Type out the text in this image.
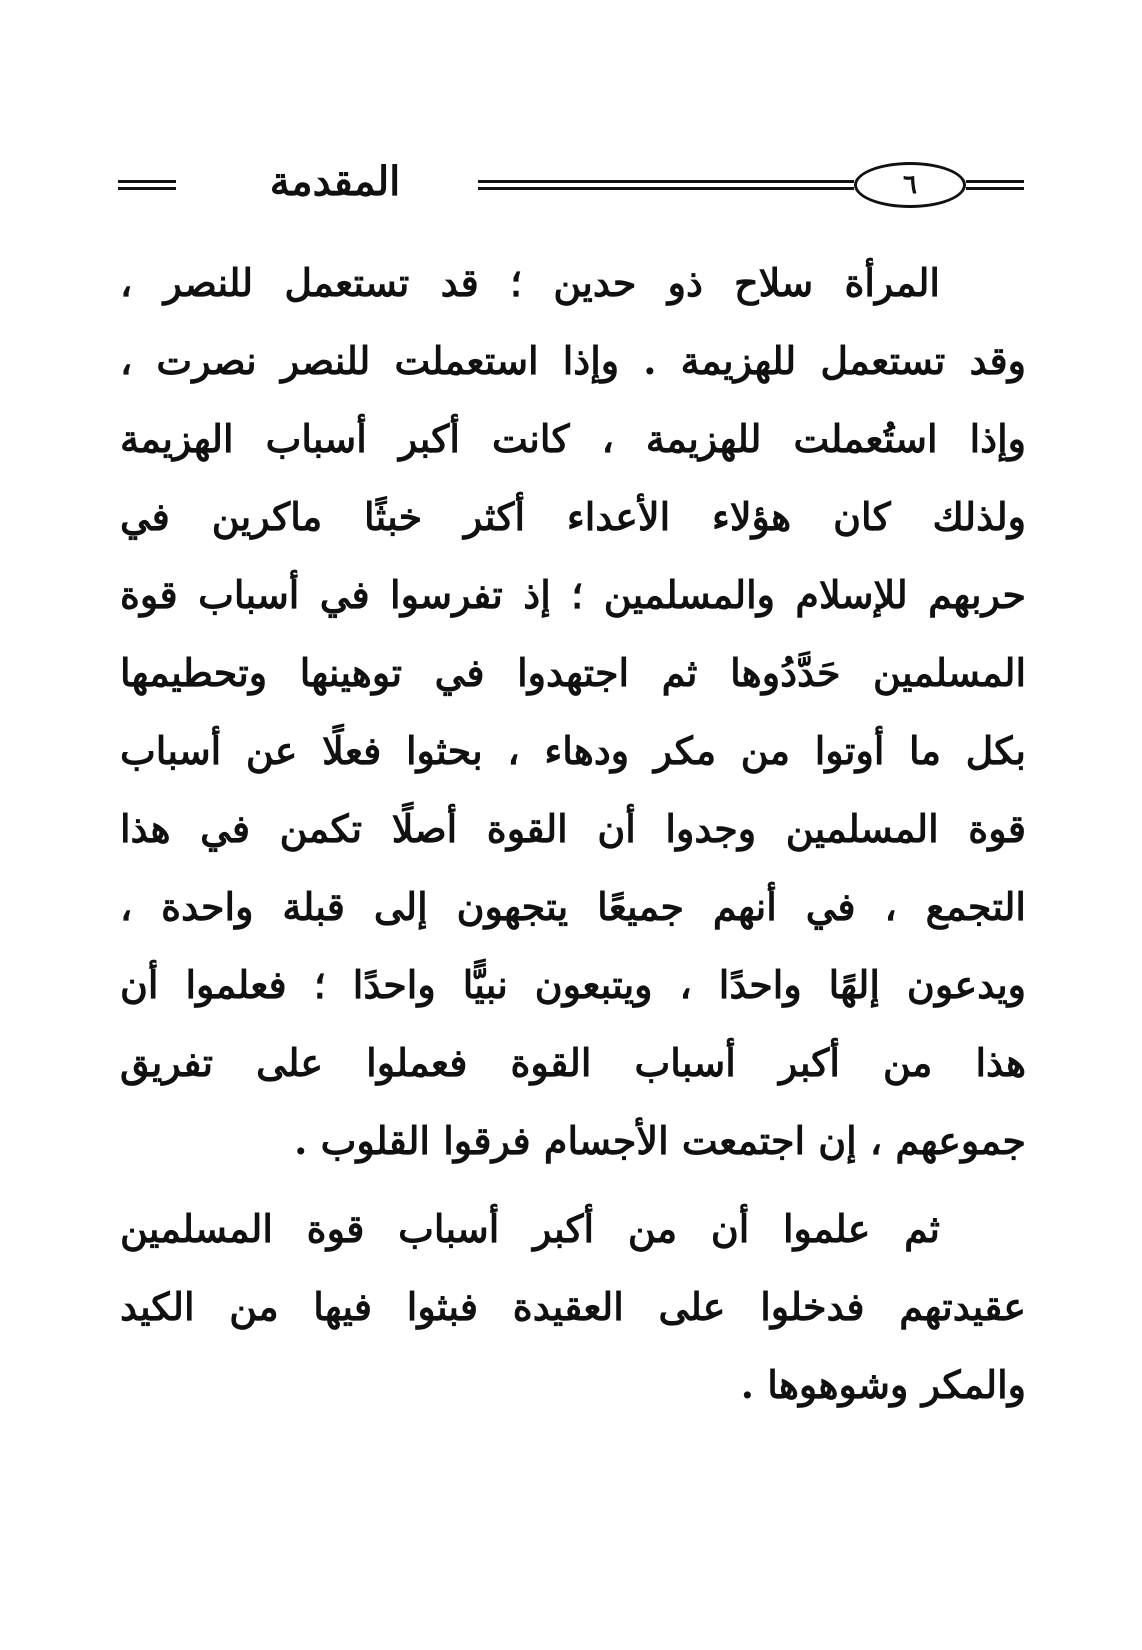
المقدمة	٦
المرأة سلاح ذو حدين ؛ قد تستعمل للنصر ،
وقد تستعمل للهزيمة . وإذا استعملت للنصر نصرت ،
وإذا استُعملت للهزيمة ، كانت أكبر أسباب الهزيمة
ولذلك كان هؤلاء الأعداء أكثر خبثًا ماكرين في
حربهم للإسلام والمسلمين ؛ إذ تفرسوا في أسباب قوة
المسلمين حَدَّدُوها ثم اجتهدوا في توهينها وتحطيمها
بكل ما أوتوا من مكر ودهاء ، بحثوا فعلًا عن أسباب
قوة المسلمين وجدوا أن القوة أصلًا تكمن في هذا
التجمع ، في أنهم جميعًا يتجهون إلى قبلة واحدة ،
ويدعون إلهًا واحدًا ، ويتبعون نبيًّا واحدًا ؛ فعلموا أن
هذا من أكبر أسباب القوة فعملوا على تفريق
جموعهم ، إن اجتمعت الأجسام فرقوا القلوب .
ثم علموا أن من أكبر أسباب قوة المسلمين
عقيدتهم فدخلوا على العقيدة فبثوا فيها من الكيد
والمكر وشوهوها .
